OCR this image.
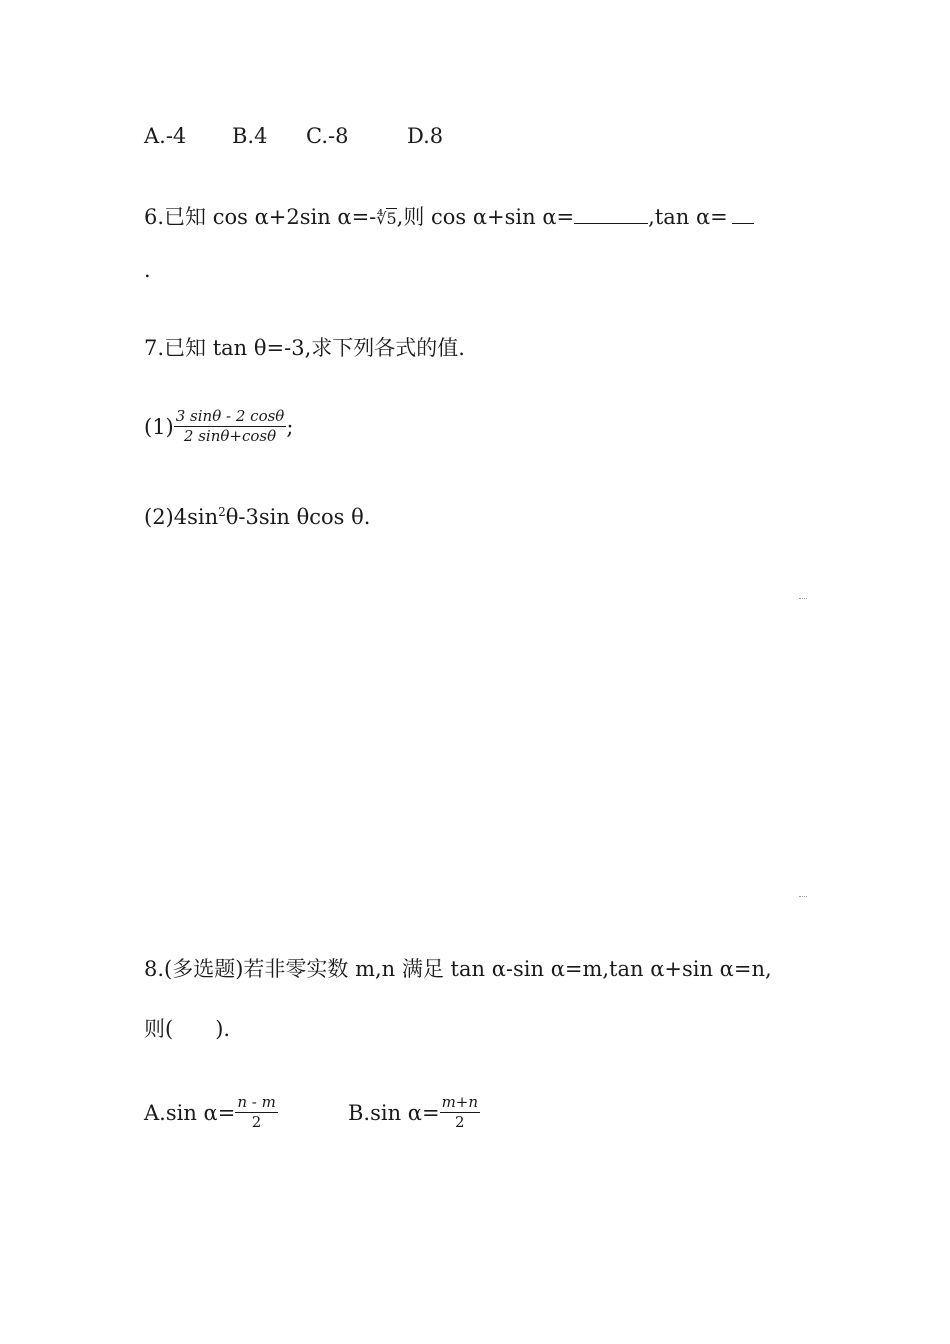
A.-4 B.4 C.-8	D.8
6.已知 cos α+2sin α=-∜5,则 cos α+sin α=	,tan α=
.
7.已知 tan θ=-3,求下列各式的值.
$(1) \frac{3 \sin\theta - 2 \cos\theta}{2 \sin\theta+\cos\theta}$ ;
$(2)4\sin^2\theta-3\sin$ θcos θ.
8.(多选题)若非零实数 m,n 满足 tan α-sin α=m,tan α+sin α=n,
则(　　).
A.sin $\alpha= \frac{n - m}{2}$	B.sin $\alpha= \frac{m+n}{2}$
